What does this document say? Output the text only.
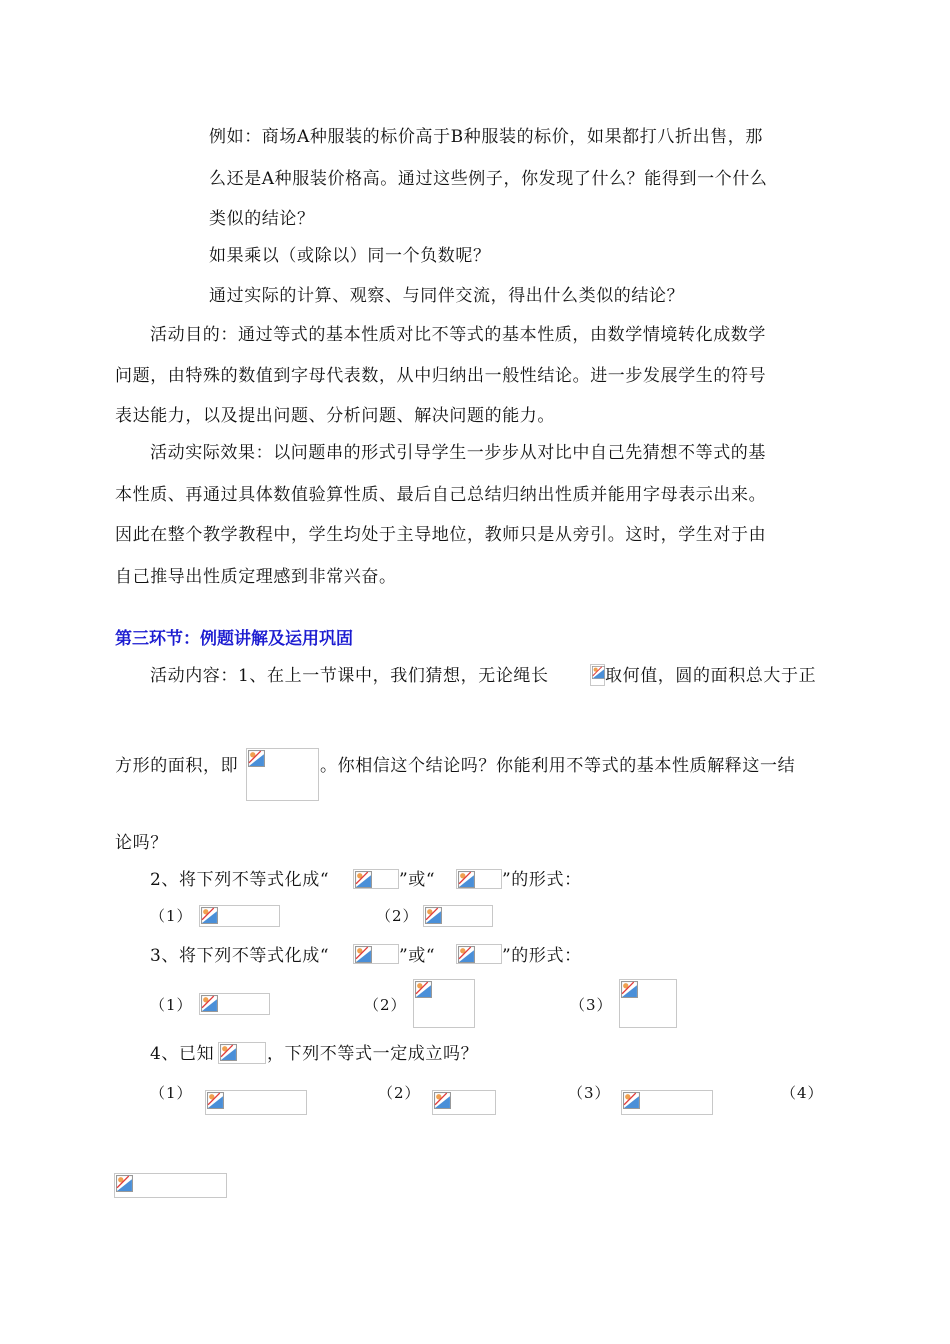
例如：商场A种服装的标价高于B种服装的标价，如果都打八折出售，那
么还是A种服装价格高。通过这些例子，你发现了什么？能得到一个什么
类似的结论？
如果乘以（或除以）同一个负数呢？
通过实际的计算、观察、与同伴交流，得出什么类似的结论？
活动目的：通过等式的基本性质对比不等式的基本性质，由数学情境转化成数学
问题，由特殊的数值到字母代表数，从中归纳出一般性结论。进一步发展学生的符号
表达能力，以及提出问题、分析问题、解决问题的能力。
活动实际效果：以问题串的形式引导学生一步步从对比中自己先猜想不等式的基
本性质、再通过具体数值验算性质、最后自己总结归纳出性质并能用字母表示出来。
因此在整个教学教程中，学生均处于主导地位，教师只是从旁引。这时，学生对于由
自己推导出性质定理感到非常兴奋。
第三环节：例题讲解及运用巩固
活动内容：1、在上一节课中，我们猜想，无论绳长	取何值，圆的面积总大于正
方形的面积，即	。你相信这个结论吗？你能利用不等式的基本性质解释这一结
论吗？
2、将下列不等式化成“	”或“	”的形式：
（1）	（2）
3、将下列不等式化成“	”或“	”的形式：
（1）	（2）	（3）
4、已知	，下列不等式一定成立吗？
（1）	（2）	（3）	（4）
